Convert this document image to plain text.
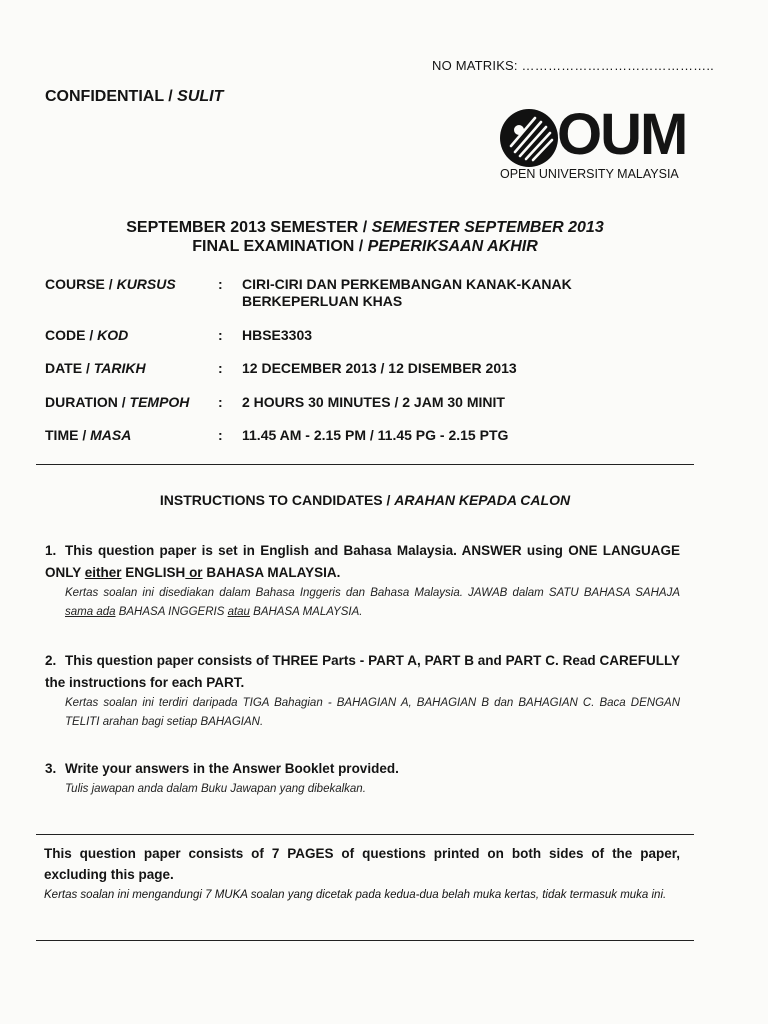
NO MATRIKS: ……………………………………..
CONFIDENTIAL / SULIT
OUM
OPEN UNIVERSITY MALAYSIA
SEPTEMBER 2013 SEMESTER / SEMESTER SEPTEMBER 2013
FINAL EXAMINATION / PEPERIKSAAN AKHIR
COURSE / KURSUS	: CIRI-CIRI DAN PERKEMBANGAN KANAK-KANAK BERKEPERLUAN KHAS
CODE / KOD	: HBSE3303
DATE / TARIKH	: 12 DECEMBER 2013 / 12 DISEMBER 2013
DURATION / TEMPOH : 2 HOURS 30 MINUTES / 2 JAM 30 MINIT
TIME / MASA	: 11.45 AM - 2.15 PM / 11.45 PG - 2.15 PTG
INSTRUCTIONS TO CANDIDATES / ARAHAN KEPADA CALON
1. This question paper is set in English and Bahasa Malaysia. ANSWER using ONE LANGUAGE ONLY either ENGLISH or BAHASA MALAYSIA.
Kertas soalan ini disediakan dalam Bahasa Inggeris dan Bahasa Malaysia. JAWAB dalam SATU BAHASA SAHAJA sama ada BAHASA INGGERIS atau BAHASA MALAYSIA.
2. This question paper consists of THREE Parts - PART A, PART B and PART C. Read CAREFULLY the instructions for each PART.
Kertas soalan ini terdiri daripada TIGA Bahagian - BAHAGIAN A, BAHAGIAN B dan BAHAGIAN C. Baca DENGAN TELITI arahan bagi setiap BAHAGIAN.
3. Write your answers in the Answer Booklet provided.
Tulis jawapan anda dalam Buku Jawapan yang dibekalkan.
This question paper consists of 7 PAGES of questions printed on both sides of the paper, excluding this page.
Kertas soalan ini mengandungi 7 MUKA soalan yang dicetak pada kedua-dua belah muka kertas, tidak termasuk muka ini.
